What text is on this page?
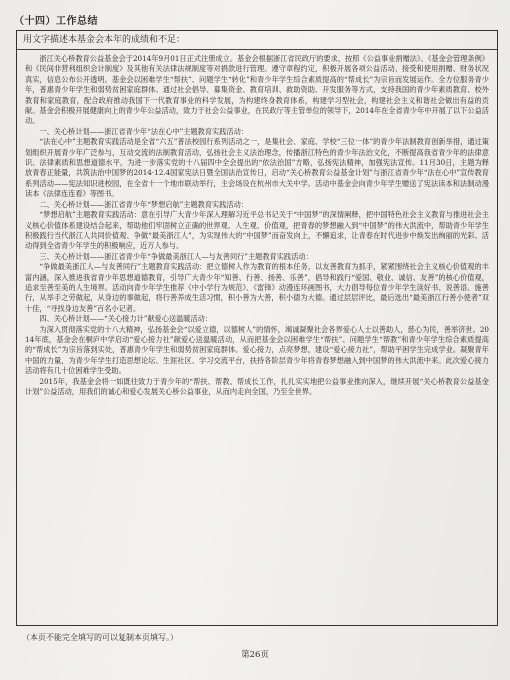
（十四）工作总结
用文字描述本基金会本年的成绩和不足：

浙江关心桥教育公益基金会于2014年9月01日正式注册成立。基金会根据浙江省民政厅的要求，按照《公益事业捐赠法》、《基金会管理条例》和《民间非营利组织会计制度》及其他有关法律法规制度等对捐款进行管理。遵守章程约定，积极开展各项公益活动、接受和使用捐赠、财务状况真实，信息公布公开透明。基金会以困难学生“帮扶”、问题学生“转化”和青少年学生综合素质提高的“帮成长”为宗旨而发展运作。全方位服务青少年，普惠青少年学生和弱势贫困家庭群体。通过社会倡导、募集资金、教育培训、救助资助、开发服务等方式，支持我国的青少年素质教育、校外教育和家庭教育，配合政府推动我国下一代教育事业的科学发展，为构建终身教育体系，构建学习型社会，构建社会主义和谐社会做出有益的贡献。基金会积极开展健康向上的青少年公益活动，致力于社会公益事业，在民政厅等主管单位的领导下，2014年在全省青少年中开展了以下公益活动。

一、关心桥计划——浙江省青少年“法在心中”主题教育实践活动：

“法在心中”主题教育实践活动是全省“六五”普法校园行系列活动之一，是集社会、家庭、学校“三位一体”的青少年法制教育创新举措，通过策划组织开展青少年广泛参与，互动交流的法制教育活动，弘扬社会主义法治理念，传播浙江特色的青少年法治文化，不断提高我省青少年的法律意识、法律素质和思想道德水平，为进一步落实党的十八届四中全会提出的“依法治国”方略，弘扬宪法精神，加强宪法宣传。11月30日，主题为释放青春正能量，共筑法治中国梦的2014·12.4国家宪法日暨全国法治宣传日，启动“关心桥教育公益基金计划”与浙江省青少年“法在心中”宣传教育系列活动——宪法知识进校园，在全省十一个地市联动举行，主会场设在杭州市大关中学。活动中基金会向青少年学生赠送了宪法读本和法制动漫读本《法律连连看》等图书。

二、关心桥计划——浙江省青少年“梦想启航”主题教育实践活动：

“梦想启航”主题教育实践活动：意在引导广大青少年深入理解习近平总书记关于“中国梦”的深情阐释，把中国特色社会主义教育与推进社会主义核心价值体系建设结合起来，帮助他们牢固树立正确的世界观、人生观、价值观，把青春的梦想融入到“中国梦”的伟大洪流中，帮助青少年学生积极践行当代浙江人共同价值观、争做“最美浙江人”，为实现伟大的“中国梦”而奋发向上，不懈追求，让青春在时代进步中焕发出绚丽的光彩。活动得到全省青少年学生的积极响应，近万人参与。

三、关心桥计划——浙江省青少年“争做最美浙江人—与友善同行”主题教育实践活动：

“争做最美浙江人—与友善同行”主题教育实践活动：把立德树人作为教育的根本任务，以友善教育为抓手，紧紧围绕社会主义核心价值观的丰富内涵，深入推进我省青少年思想道德教育，引导广大青少年“知善、行善、扬善、乐善”，倡导和践行“爱国、敬业、诚信、友善”的核心价值观，追求至善至美的人生境界。活动向青少年学生推荐《中小学行为规范》、《雷锋》动漫连环画图书，大力倡导每位青少年学生读好书、说善语、施善行，从举手之劳做起，从身边的事做起，将行善养成生活习惯，积小善为大善，积小德为大德。通过层层评比，最后选出“最美浙江行善小使者”双十佳，“寻找身边友善”百名小记者。

四、关心桥计划——“关心接力计”献爱心送温暖活动：

为深入贯彻落实党的十八大精神，弘扬基金会“以爱立德，以德树人”的情怀，竭诚凝聚社会各界爱心人士以善助人，慈心为民，善举济世。2014年底，基金会在桐庐中学启动“爱心接力社”献爱心送温暖活动，从而把基金会以困难学生“帮扶”、问题学生“帮教”和青少年学生综合素质提高的“帮成长”为宗旨落到实处，普惠青少年学生和弱势贫困家庭群体。爱心接力，点亮梦想，建设“爱心接力社”，帮助平困学生完成学业。凝聚青年中国的力量，为青少年学生打造思想论坛、生涯社区、学习交流平台，扶持各阶层青少年将青春梦想融入到中国梦的伟大洪流中来。此次爱心接力活动将有几十位困难学生受助。

2015年，我基金会将一如既往致力于青少年的“帮扶、帮教、帮成长工作，扎扎实实地把公益事业推向深入，继续开展“关心桥教育公益基金计划”公益活动，用我们的诚心和爱心发展关心桥公益事业，从而内走向全国，乃至全世界。

（本页不能完全填写的可以复制本页填写。）
第26页
